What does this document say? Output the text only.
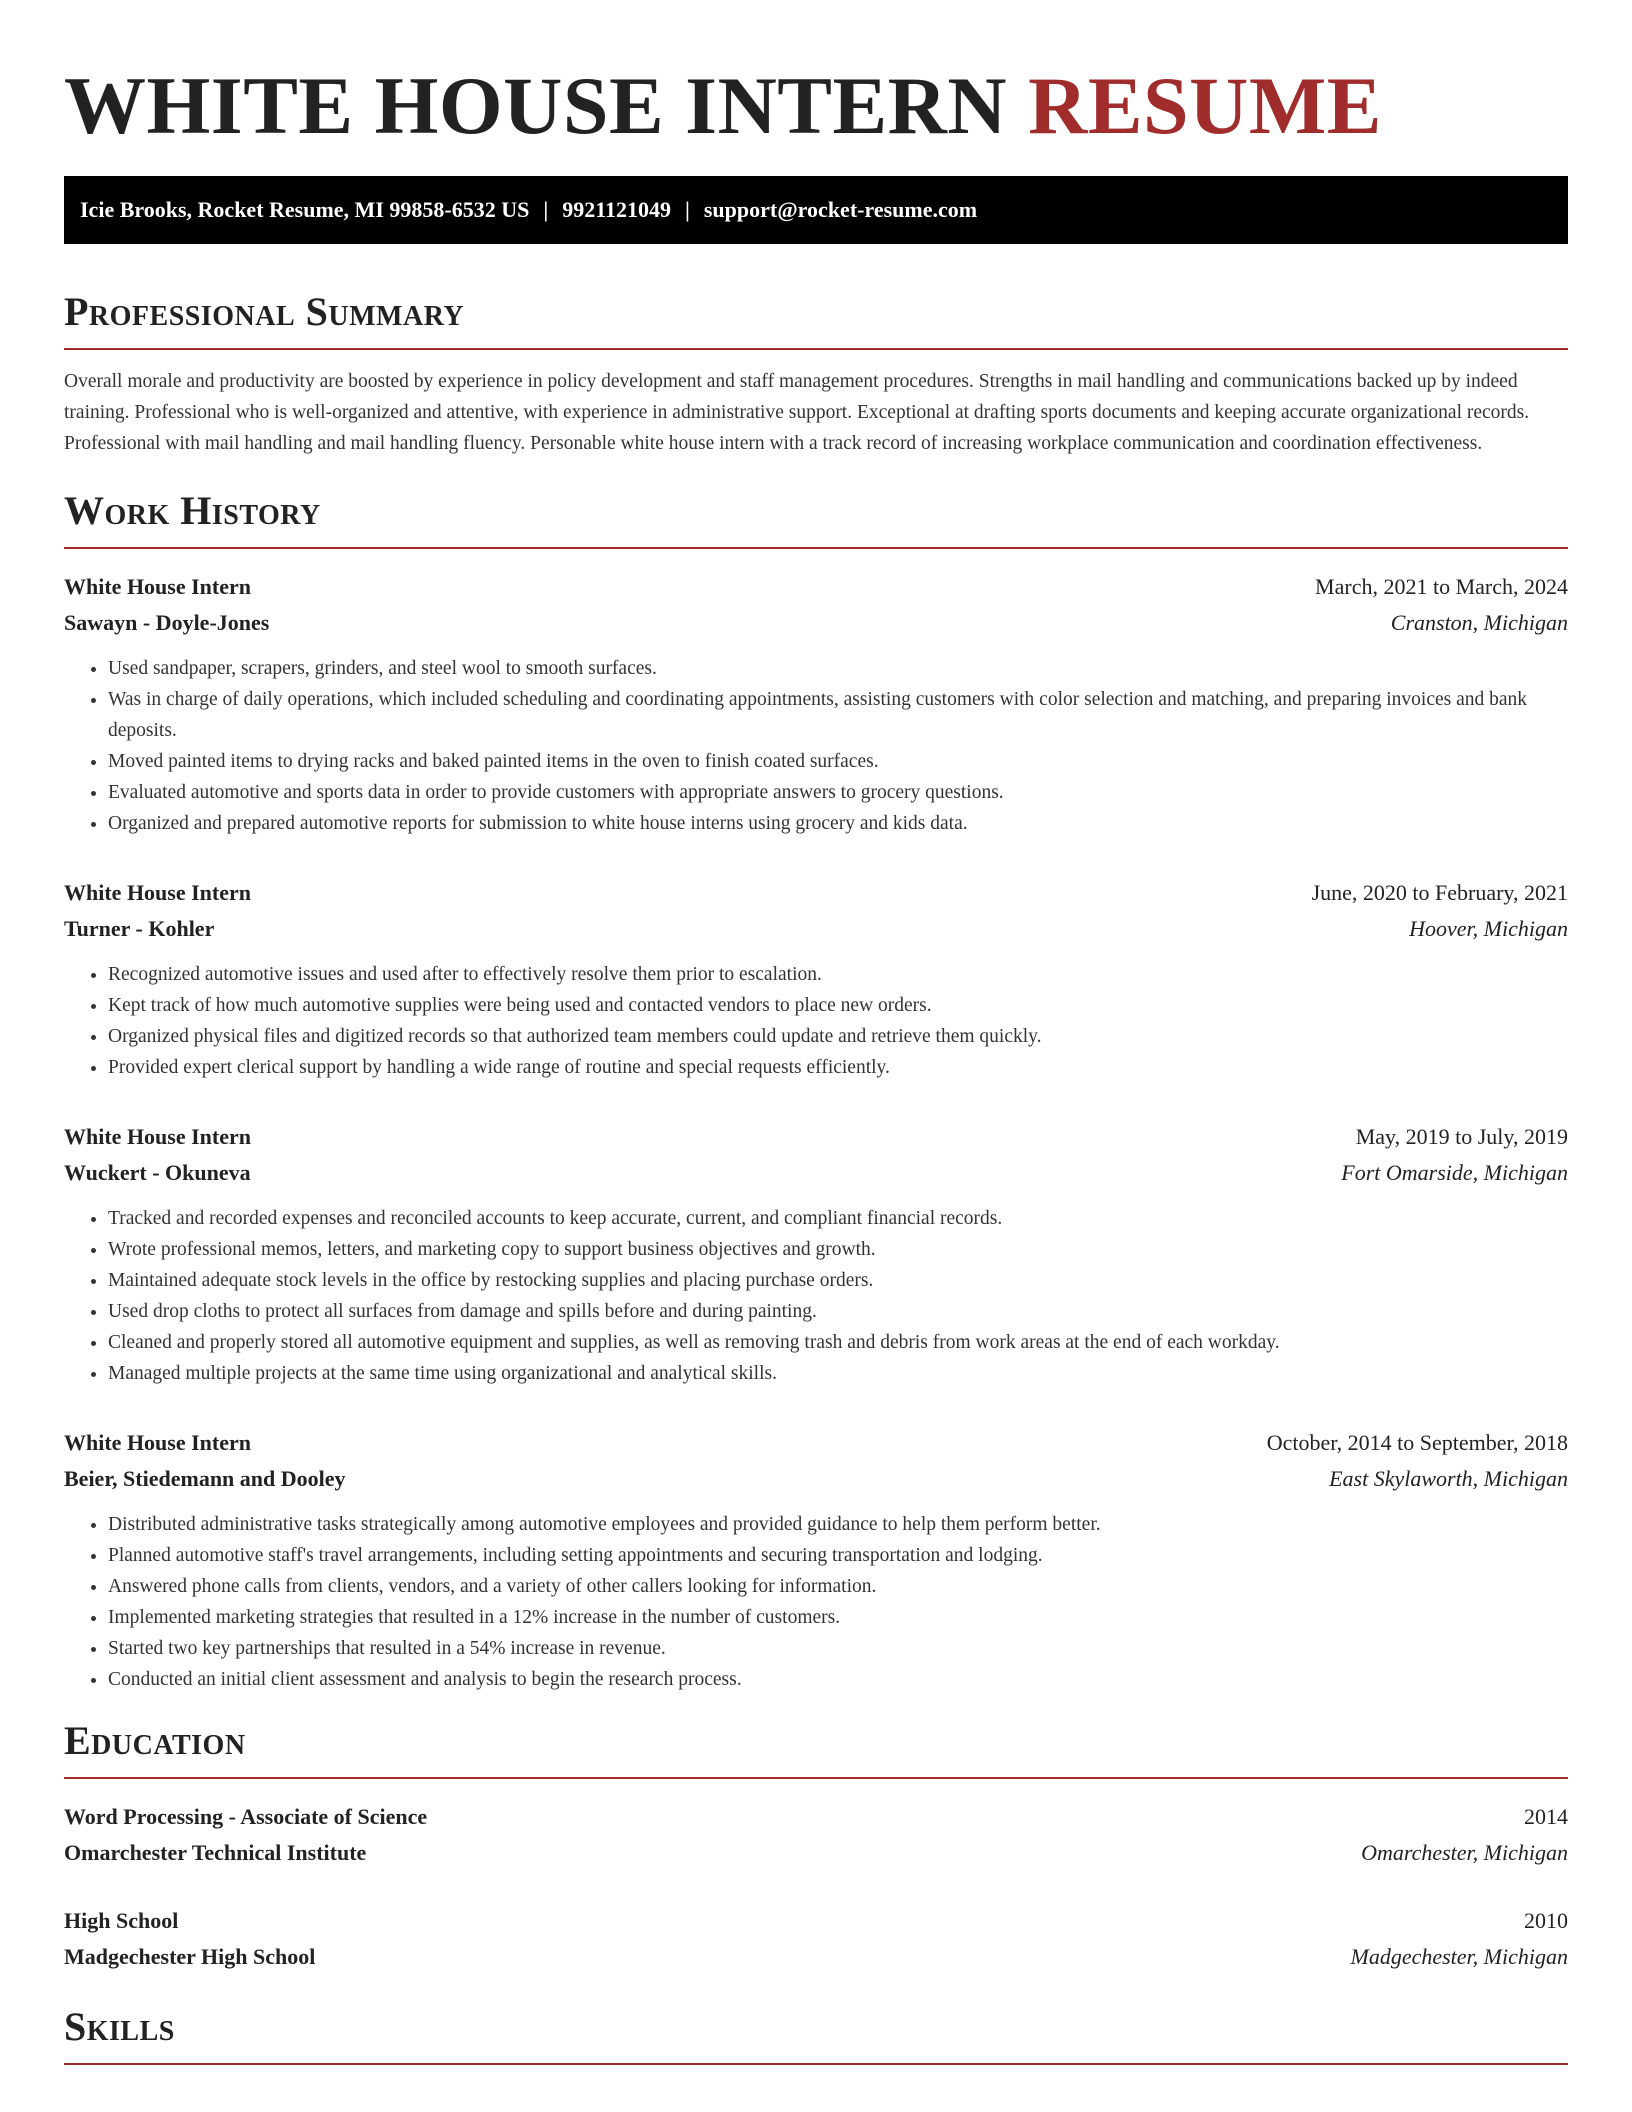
WHITE HOUSE INTERN RESUME
Icie Brooks, Rocket Resume, MI 99858-6532 US | 9921121049 | support@rocket-resume.com
Professional Summary

Overall morale and productivity are boosted by experience in policy development and staff management procedures. Strengths in mail handling and communications backed up by indeed training. Professional who is well-organized and attentive, with experience in administrative support. Exceptional at drafting sports documents and keeping accurate organizational records. Professional with mail handling and mail handling fluency. Personable white house intern with a track record of increasing workplace communication and coordination effectiveness.

Work History
White House Intern	March, 2021 to March, 2024
Sawayn - Doyle-Jones	Cranston, Michigan
• Used sandpaper, scrapers, grinders, and steel wool to smooth surfaces.
• Was in charge of daily operations, which included scheduling and coordinating appointments, assisting customers with color selection and matching, and preparing invoices and bank deposits.
• Moved painted items to drying racks and baked painted items in the oven to finish coated surfaces.
• Evaluated automotive and sports data in order to provide customers with appropriate answers to grocery questions.
• Organized and prepared automotive reports for submission to white house interns using grocery and kids data.
White House Intern	June, 2020 to February, 2021
Turner - Kohler	Hoover, Michigan
• Recognized automotive issues and used after to effectively resolve them prior to escalation.
• Kept track of how much automotive supplies were being used and contacted vendors to place new orders.
• Organized physical files and digitized records so that authorized team members could update and retrieve them quickly.
• Provided expert clerical support by handling a wide range of routine and special requests efficiently.
White House Intern	May, 2019 to July, 2019
Wuckert - Okuneva	Fort Omarside, Michigan
• Tracked and recorded expenses and reconciled accounts to keep accurate, current, and compliant financial records.
• Wrote professional memos, letters, and marketing copy to support business objectives and growth.
• Maintained adequate stock levels in the office by restocking supplies and placing purchase orders.
• Used drop cloths to protect all surfaces from damage and spills before and during painting.
• Cleaned and properly stored all automotive equipment and supplies, as well as removing trash and debris from work areas at the end of each workday.
• Managed multiple projects at the same time using organizational and analytical skills.
White House Intern	October, 2014 to September, 2018
Beier, Stiedemann and Dooley	East Skylaworth, Michigan
• Distributed administrative tasks strategically among automotive employees and provided guidance to help them perform better.
• Planned automotive staff's travel arrangements, including setting appointments and securing transportation and lodging.
• Answered phone calls from clients, vendors, and a variety of other callers looking for information.
• Implemented marketing strategies that resulted in a 12% increase in the number of customers.
• Started two key partnerships that resulted in a 54% increase in revenue.
• Conducted an initial client assessment and analysis to begin the research process.
Education
Word Processing - Associate of Science	2014
Omarchester Technical Institute	Omarchester, Michigan
High School	2010
Madgechester High School	Madgechester, Michigan
Skills
